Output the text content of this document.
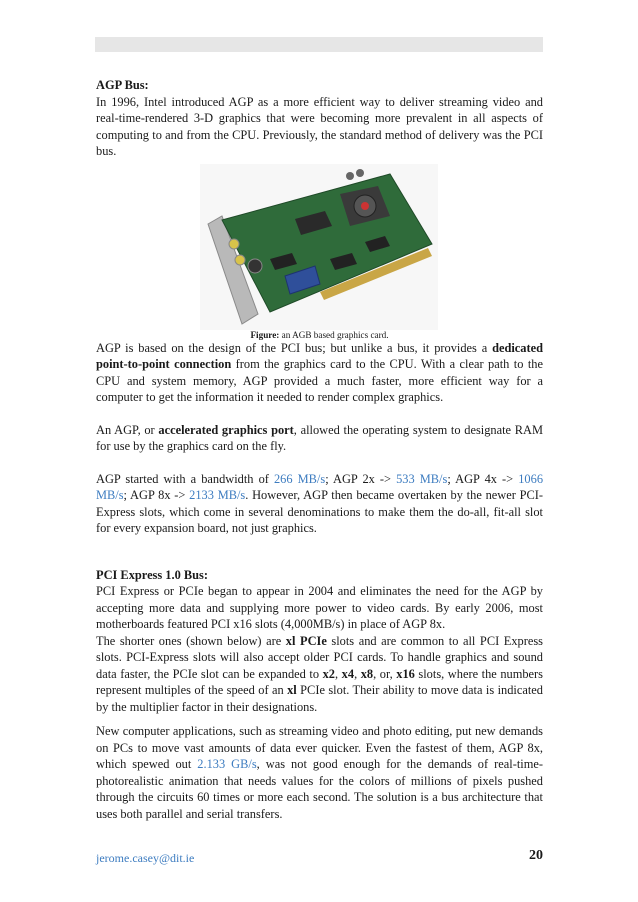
AGP Bus:

In 1996, Intel introduced AGP as a more efficient way to deliver streaming video and real-time-rendered 3-D graphics that were becoming more prevalent in all aspects of computing to and from the CPU. Previously, the standard method of delivery was the PCI bus.

Figure: an AGB based graphics card.

AGP is based on the design of the PCI bus; but unlike a bus, it provides a dedicated point-to-point connection from the graphics card to the CPU. With a clear path to the CPU and system memory, AGP provided a much faster, more efficient way for a computer to get the information it needed to render complex graphics.

An AGP, or accelerated graphics port, allowed the operating system to designate RAM for use by the graphics card on the fly.

AGP started with a bandwidth of 266 MB/s; AGP 2x -> 533 MB/s; AGP 4x -> 1066 MB/s; AGP 8x -> 2133 MB/s. However, AGP then became overtaken by the newer PCI-Express slots, which come in several denominations to make them the do-all, fit-all slot for every expansion board, not just graphics.

PCI Express 1.0 Bus:

PCI Express or PCIe began to appear in 2004 and eliminates the need for the AGP by accepting more data and supplying more power to video cards. By early 2006, most motherboards featured PCI x16 slots (4,000MB/s) in place of AGP 8x.

The shorter ones (shown below) are xl PCIe slots and are common to all PCI Express slots. PCI-Express slots will also accept older PCI cards. To handle graphics and sound data faster, the PCIe slot can be expanded to x2, x4, x8, or, x16 slots, where the numbers represent multiples of the speed of an xl PCIe slot. Their ability to move data is indicated by the multiplier factor in their designations.

New computer applications, such as streaming video and photo editing, put new demands on PCs to move vast amounts of data ever quicker. Even the fastest of them, AGP 8x, which spewed out 2.133 GB/s, was not good enough for the demands of real-time-photorealistic animation that needs values for the colors of millions of pixels pushed through the circuits 60 times or more each second. The solution is a bus architecture that uses both parallel and serial transfers.

jerome.casey@dit.ie	20
